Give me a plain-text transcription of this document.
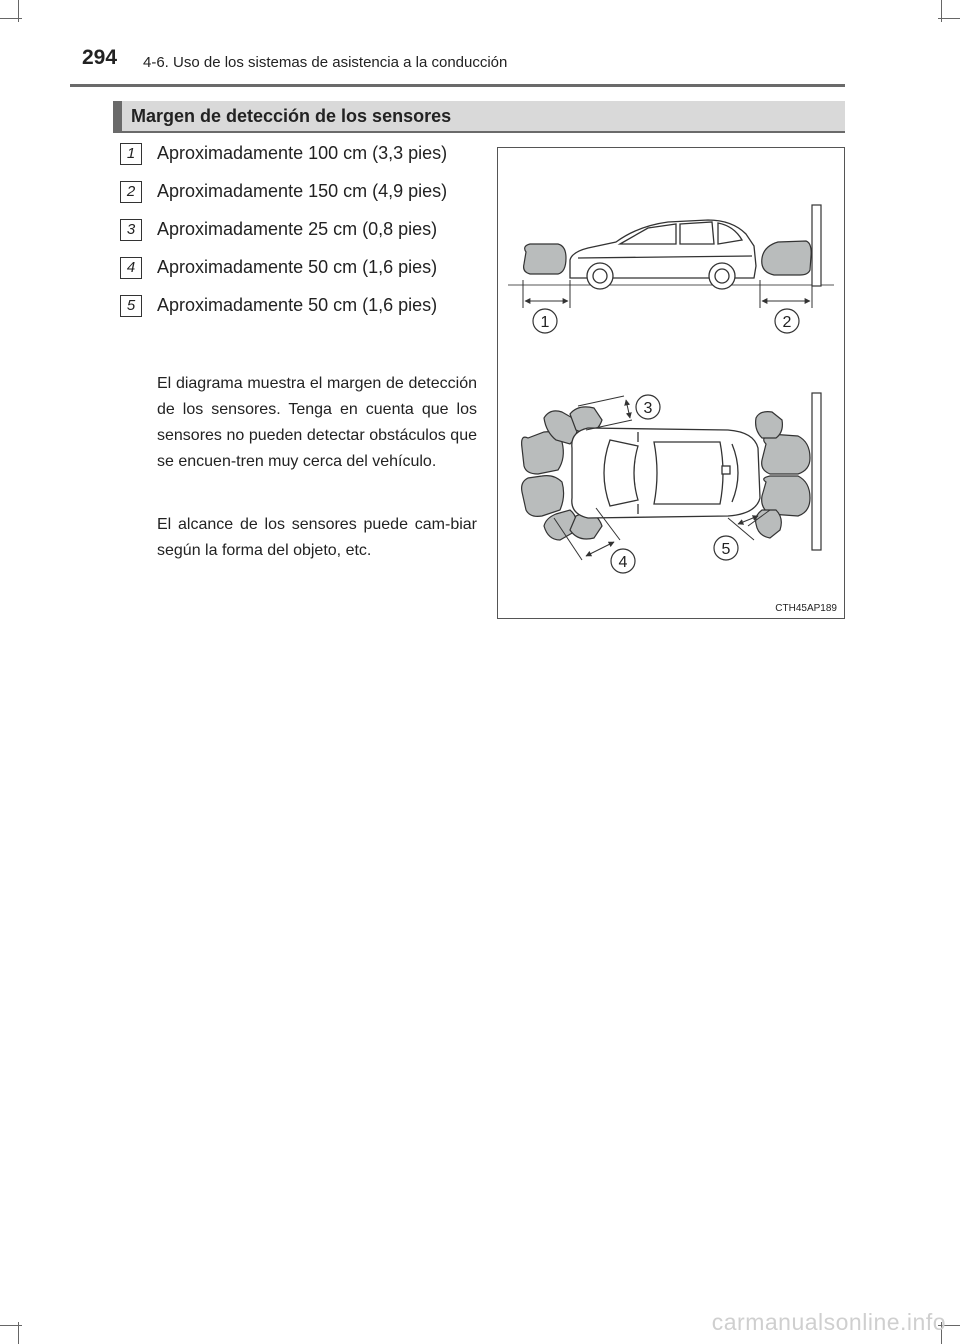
294 4-6. Uso de los sistemas de asistencia a la conducción
Margen de detección de los sensores
1	Aproximadamente 100 cm (3,3 pies)
2	Aproximadamente 150 cm (4,9 pies)
3	Aproximadamente 25 cm (0,8 pies)
4	Aproximadamente 50 cm (1,6 pies)
5	Aproximadamente 50 cm (1,6 pies)
El diagrama muestra el margen de detección de los sensores. Tenga en cuenta que los sensores no pueden detectar obstáculos que se encuen-tren muy cerca del vehículo.
El alcance de los sensores puede cam-biar según la forma del objeto, etc.
1	2
3
4
5
CTH45AP189
carmanualsonline.info
